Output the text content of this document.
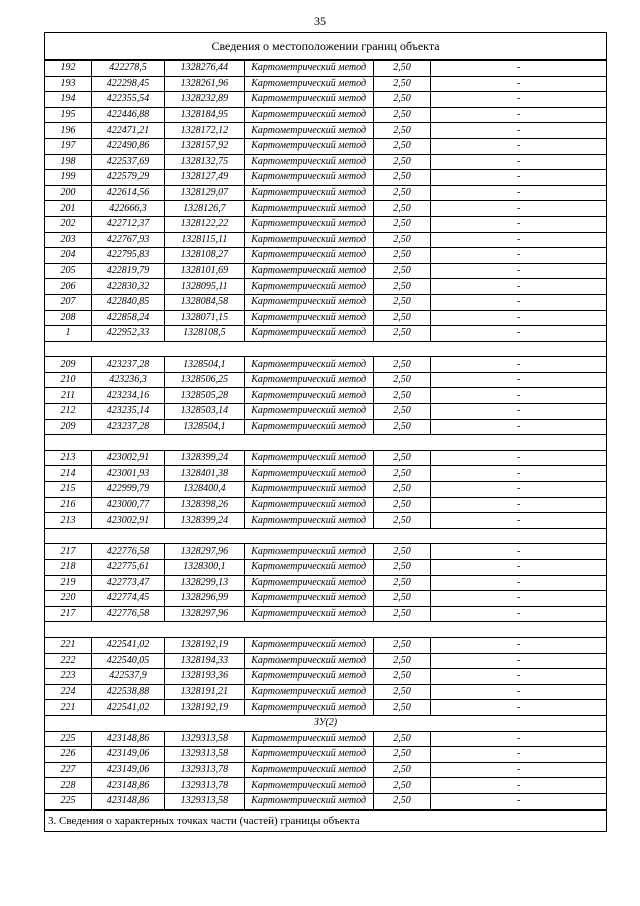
35
Сведения о местоположении границ объекта
192	422278,5	1328276,44	Картометрический метод	2,50	-
193	422298,45	1328261,96	Картометрический метод	2,50	-
194	422355,54	1328232,89	Картометрический метод	2,50	-
195	422446,88	1328184,95	Картометрический метод	2,50	-
196	422471,21	1328172,12	Картометрический метод	2,50	-
197	422490,86	1328157,92	Картометрический метод	2,50	-
198	422537,69	1328132,75	Картометрический метод	2,50	-
199	422579,29	1328127,49	Картометрический метод	2,50	-
200	422614,56	1328129,07	Картометрический метод	2,50	-
201	422666,3	1328126,7	Картометрический метод	2,50	-
202	422712,37	1328122,22	Картометрический метод	2,50	-
203	422767,93	1328115,11	Картометрический метод	2,50	-
204	422795,83	1328108,27	Картометрический метод	2,50	-
205	422819,79	1328101,69	Картометрический метод	2,50	-
206	422830,32	1328095,11	Картометрический метод	2,50	-
207	422840,85	1328084,58	Картометрический метод	2,50	-
208	422858,24	1328071,15	Картометрический метод	2,50	-
1	422952,33	1328108,5	Картометрический метод	2,50	-

209	423237,28	1328504,1	Картометрический метод	2,50	-
210	423236,3	1328506,25	Картометрический метод	2,50	-
211	423234,16	1328505,28	Картометрический метод	2,50	-
212	423235,14	1328503,14	Картометрический метод	2,50	-
209	423237,28	1328504,1	Картометрический метод	2,50	-

213	423002,91	1328399,24	Картометрический метод	2,50	-
214	423001,93	1328401,38	Картометрический метод	2,50	-
215	422999,79	1328400,4	Картометрический метод	2,50	-
216	423000,77	1328398,26	Картометрический метод	2,50	-
213	423002,91	1328399,24	Картометрический метод	2,50	-

217	422776,58	1328297,96	Картометрический метод	2,50	-
218	422775,61	1328300,1	Картометрический метод	2,50	-
219	422773,47	1328299,13	Картометрический метод	2,50	-
220	422774,45	1328296,99	Картометрический метод	2,50	-
217	422776,58	1328297,96	Картометрический метод	2,50	-

221	422541,02	1328192,19	Картометрический метод	2,50	-
222	422540,05	1328194,33	Картометрический метод	2,50	-
223	422537,9	1328193,36	Картометрический метод	2,50	-
224	422538,88	1328191,21	Картометрический метод	2,50	-
221	422541,02	1328192,19	Картометрический метод	2,50	-
ЗУ(2)					
225	423148,86	1329313,58	Картометрический метод	2,50	-
226	423149,06	1329313,58	Картометрический метод	2,50	-
227	423149,06	1329313,78	Картометрический метод	2,50	-
228	423148,86	1329313,78	Картометрический метод	2,50	-
225	423148,86	1329313,58	Картометрический метод	2,50	-
3. Сведения о характерных точках части (частей) границы объекта
